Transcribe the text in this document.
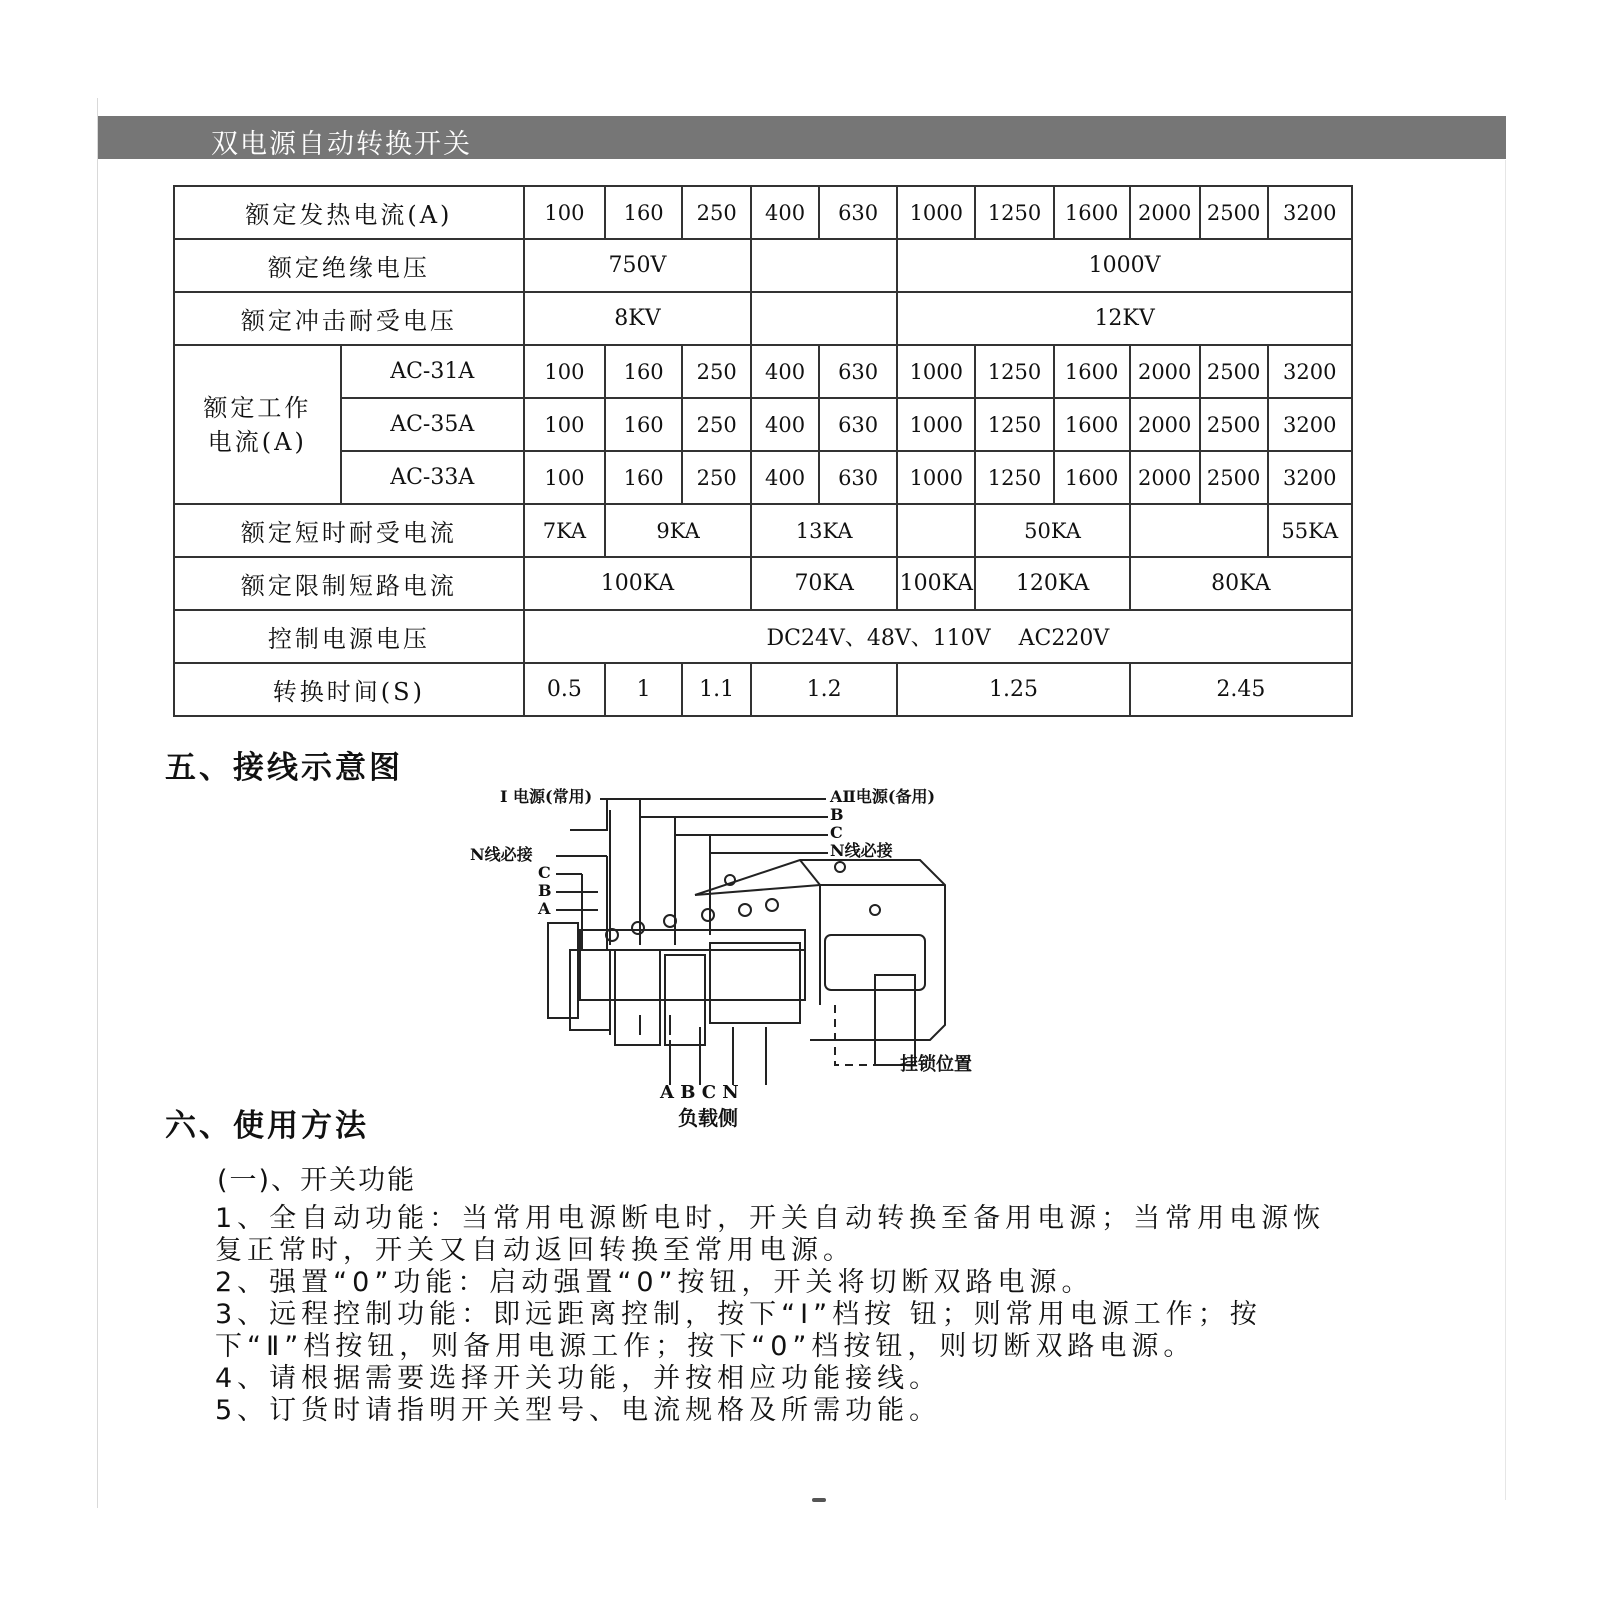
双电源自动转换开关
额定发热电流(A)		100	160	250	400	630	1000	1250	1600	2000	2500	3200
额定绝缘电压		750V					1000V					
额定冲击耐受电压		8KV					12KV					

额定工作
电流(A)	AC-31A	100	160	250	400	630	1000	1250	1600	2000	2500	3200
	AC-35A	100	160	250	400	630	1000	1250	1600	2000	2500	3200
	AC-33A	100	160	250	400	630	1000	1250	1600	2000	2500	3200
额定短时耐受电流		7KA	9KA		13KA			50KA				55KA
额定限制短路电流		100KA			70KA		100KA	120KA		80KA		
控制电源电压		DC24V、48V、110V    AC220V										
转换时间(S)		0.5	1	1.1	1.2		1.25			2.45		
五、接线示意图
I 电源(常用)	AⅡ电源(备用)
B
C
N线必接
N线必接
C
B
A
挂锁位置
A B C N
负载侧
六、使用方法
(一)、开关功能

1、全自动功能：当常用电源断电时，开关自动转换至备用电源；当常用电源恢复正常时，开关又自动返回转换至常用电源。

2、强置“0”功能：启动强置“0”按钮，开关将切断双路电源。

3、远程控制功能：即远距离控制，按下“I”档按 钮；则常用电源工作；按下“Ⅱ”档按钮，则备用电源工作；按下“0”档按钮，则切断双路电源。

4、请根据需要选择开关功能，并按相应功能接线。

5、订货时请指明开关型号、电流规格及所需功能。
